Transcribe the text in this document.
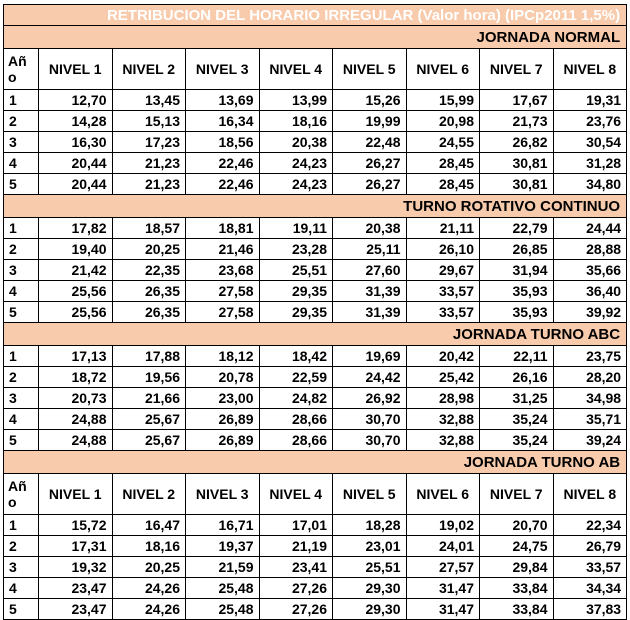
RETRIBUCION DEL HORARIO IRREGULAR (Valor hora) (IPCp2011 1,5%)								
JORNADA NORMAL								
Añ o	NIVEL 1	NIVEL 2	NIVEL 3	NIVEL 4	NIVEL 5	NIVEL 6	NIVEL 7	NIVEL 8
1	12,70	13,45	13,69	13,99	15,26	15,99	17,67	19,31
2	14,28	15,13	16,34	18,16	19,99	20,98	21,73	23,76
3	16,30	17,23	18,56	20,38	22,48	24,55	26,82	30,54
4	20,44	21,23	22,46	24,23	26,27	28,45	30,81	31,28
5	20,44	21,23	22,46	24,23	26,27	28,45	30,81	34,80
TURNO ROTATIVO CONTINUO								
1	17,82	18,57	18,81	19,11	20,38	21,11	22,79	24,44
2	19,40	20,25	21,46	23,28	25,11	26,10	26,85	28,88
3	21,42	22,35	23,68	25,51	27,60	29,67	31,94	35,66
4	25,56	26,35	27,58	29,35	31,39	33,57	35,93	36,40
5	25,56	26,35	27,58	29,35	31,39	33,57	35,93	39,92
JORNADA TURNO ABC								
1	17,13	17,88	18,12	18,42	19,69	20,42	22,11	23,75
2	18,72	19,56	20,78	22,59	24,42	25,42	26,16	28,20
3	20,73	21,66	23,00	24,82	26,92	28,98	31,25	34,98
4	24,88	25,67	26,89	28,66	30,70	32,88	35,24	35,71
5	24,88	25,67	26,89	28,66	30,70	32,88	35,24	39,24
JORNADA TURNO AB								
Añ o	NIVEL 1	NIVEL 2	NIVEL 3	NIVEL 4	NIVEL 5	NIVEL 6	NIVEL 7	NIVEL 8
1	15,72	16,47	16,71	17,01	18,28	19,02	20,70	22,34
2	17,31	18,16	19,37	21,19	23,01	24,01	24,75	26,79
3	19,32	20,25	21,59	23,41	25,51	27,57	29,84	33,57
4	23,47	24,26	25,48	27,26	29,30	31,47	33,84	34,34
5	23,47	24,26	25,48	27,26	29,30	31,47	33,84	37,83
